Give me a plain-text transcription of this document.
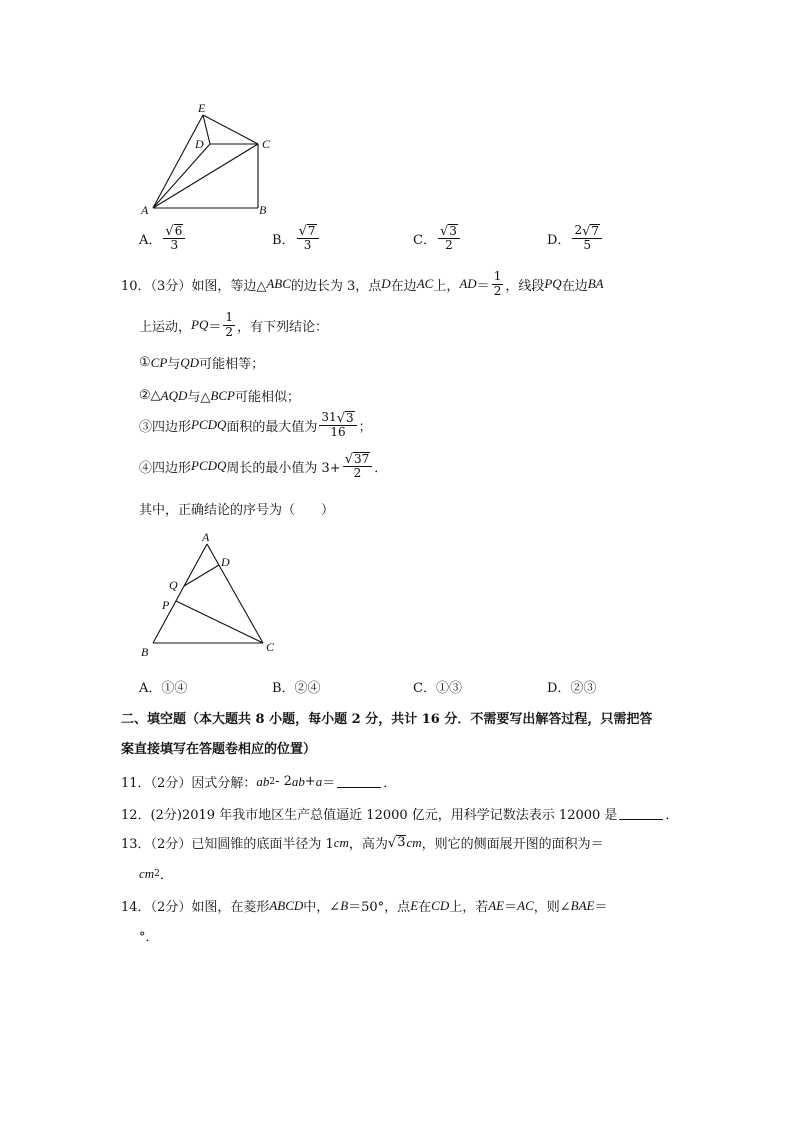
E
D	C
A	B
A． $\frac{√ 6}{3}$	B． $\frac{√ 7}{3}$	C． $\frac{√ 3}{2}$	D． $\frac{2 √ 7}{5}$
10．（3分）如图，等边△ ABC 的边长为 3，点 D 在边 AC 上， AD ＝ $\frac{1}{2}$ ，线段 PQ 在边 BA
上运动， PQ ＝ $\frac{1}{2}$ ，有下列结论：
① CP 与 QD 可能相等；
②△ AQD 与△ BCP 可能相似；
③四边形 PCDQ 面积的最大值为 $\frac{31 √ 3}{16}$ ；
④四边形 PCDQ 周长的最小值为 $3+ \frac{√ 37}{2}$ ．
其中，正确结论的序号为（　　）
A
D
Q
P
B	C
A．①④	B．②④	C．①③	D．②③
二、填空题（本大题共 8 小题，每小题 2 分，共计 16 分．不需要写出解答过程，只需把答
案直接填写在答题卷相应的位置）
11．（2分）因式分解： ab 2 - 2 ab + a ＝	．
12．(2分)2019 年我市地区生产总值逼近 12000 亿元，用科学记数法表示 12000 是	．
13．（2分）已知圆锥的底面半径为 1 cm ，高为 √ 3 cm ，则它的侧面展开图的面积为＝
cm 2 ．
14．（2分）如图，在菱形 ABCD 中，∠ B ＝50°，点 E 在 CD 上，若 AE ＝ AC ，则∠ BAE ＝
°．
